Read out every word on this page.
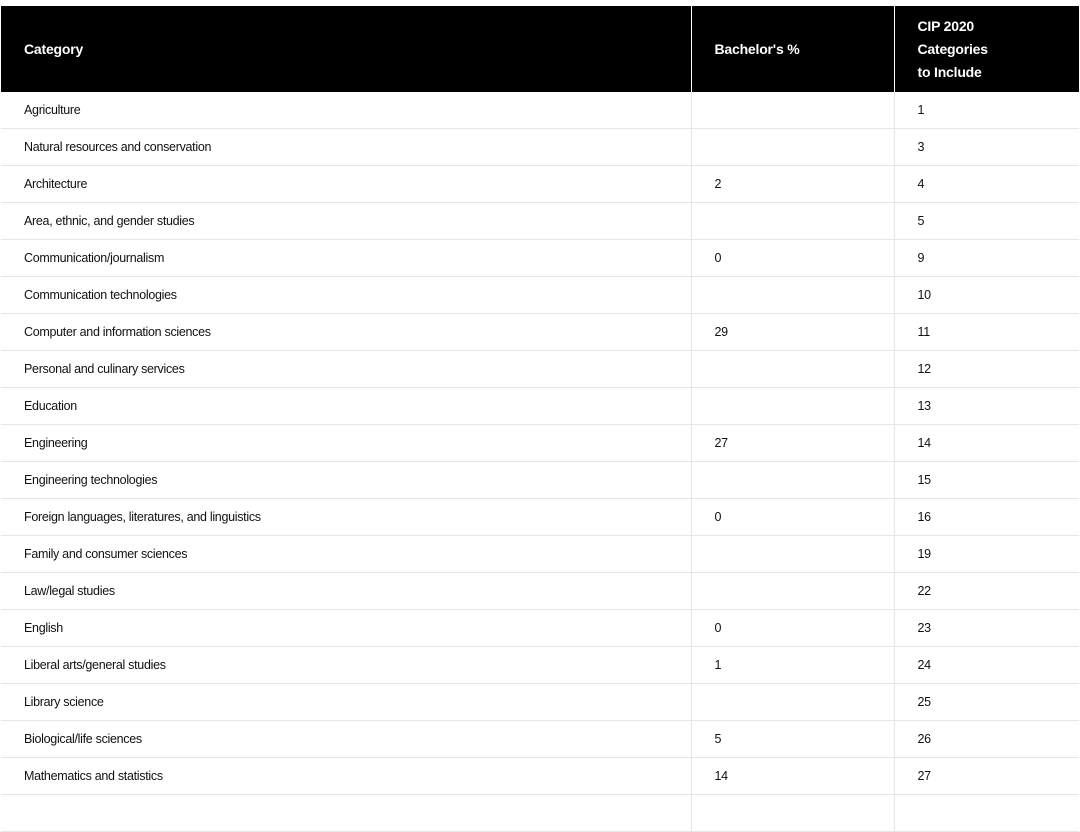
Category	Bachelor's %	CIP 2020
Categories
to Include

Agriculture		1
Natural resources and conservation		3
Architecture	2	4
Area, ethnic, and gender studies		5
Communication/journalism	0	9
Communication technologies		10
Computer and information sciences	29	11
Personal and culinary services		12
Education		13
Engineering	27	14
Engineering technologies		15
Foreign languages, literatures, and linguistics	0	16
Family and consumer sciences		19
Law/legal studies		22
English	0	23
Liberal arts/general studies	1	24
Library science		25
Biological/life sciences	5	26
Mathematics and statistics	14	27
